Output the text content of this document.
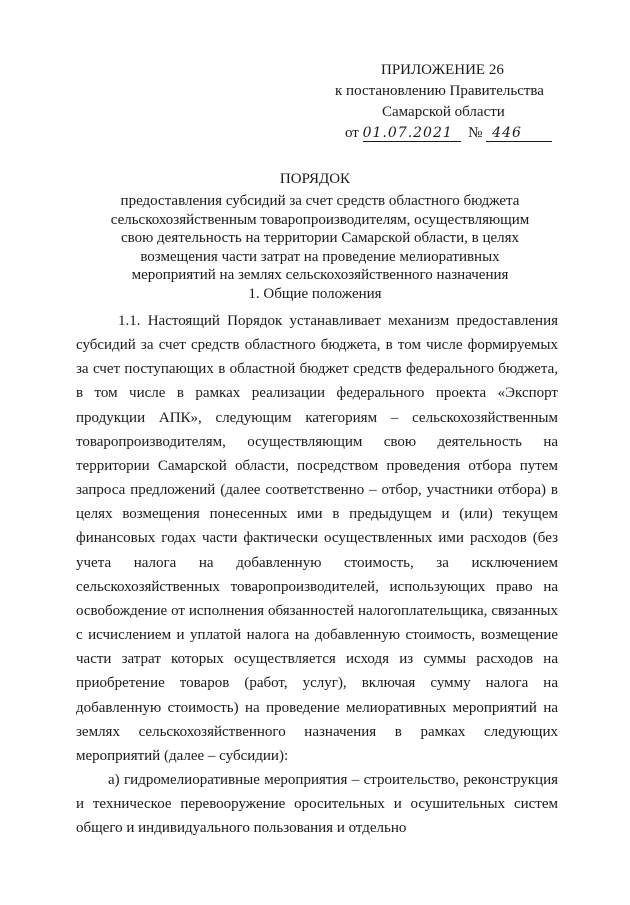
ПРИЛОЖЕНИЕ 26
к постановлению Правительства
Самарской области
от 01.07.2021 № 446
ПОРЯДОК
предоставления субсидий за счет средств областного бюджета сельскохозяйственным товаропроизводителям, осуществляющим свою деятельность на территории Самарской области, в целях возмещения части затрат на проведение мелиоративных мероприятий на землях сельскохозяйственного назначения
1. Общие положения

1.1. Настоящий Порядок устанавливает механизм предоставления субсидий за счет средств областного бюджета, в том числе формируемых за счет поступающих в областной бюджет средств федерального бюджета, в том числе в рамках реализации федерального проекта «Экспорт продукции АПК», следующим категориям – сельскохозяйственным товаропроизводителям, осуществляющим свою деятельность на территории Самарской области, посредством проведения отбора путем запроса предложений (далее соответственно – отбор, участники отбора) в целях возмещения понесенных ими в предыдущем и (или) текущем финансовых годах части фактически осуществленных ими расходов (без учета налога на добавленную стоимость, за исключением сельскохозяйственных товаропроизводителей, использующих право на освобождение от исполнения обязанностей налогоплательщика, связанных с исчислением и уплатой налога на добавленную стоимость, возмещение части затрат которых осуществляется исходя из суммы расходов на приобретение товаров (работ, услуг), включая сумму налога на добавленную стоимость) на проведение мелиоративных мероприятий на землях сельскохозяйственного назначения в рамках следующих мероприятий (далее – субсидии):

а) гидромелиоративные мероприятия – строительство, реконструкция и техническое перевооружение оросительных и осушительных систем общего и индивидуального пользования и отдельно
